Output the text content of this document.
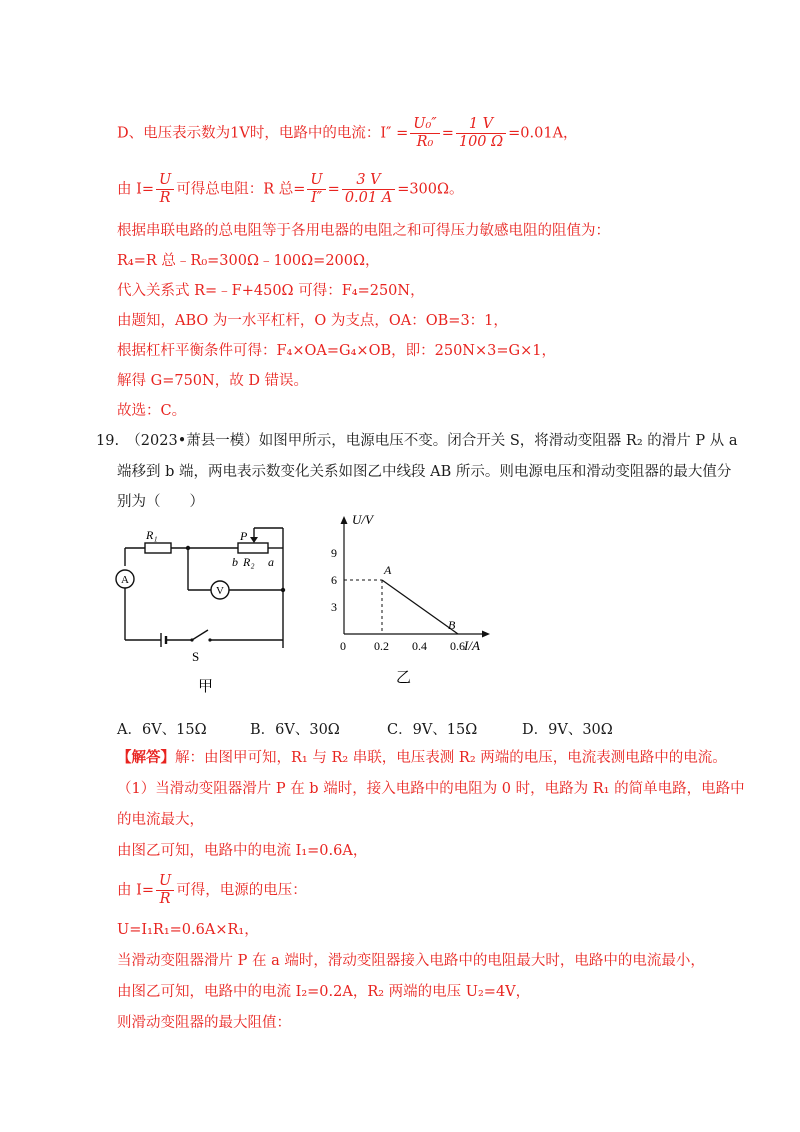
D、电压表示数为1V时，电路中的电流：$I'' = \frac{\text{U₀″}}{\text{R₀}} = \frac{1 V}{100 \Omega} =0.01A$，
由 $I= \frac{U}{R}$ 可得总电阻：R 总= $\frac{U}{I''} = \frac{3 V}{0.01 A} =300\Omega$。
根据串联电路的总电阻等于各用电器的电阻之和可得压力敏感电阻的阻值为：
R₄=R 总﹣R₀=300Ω﹣100Ω=200Ω，
代入关系式 R=﹣F+450Ω 可得：F₄=250N，
由题知，ABO 为一水平杠杆，O 为支点，OA：OB=3：1，
根据杠杆平衡条件可得：F₄×OA=G₄×OB，即：250N×3=G×1，
解得 G=750N，故 D 错误。
故选：C。
19.　（2023•萧县一模）如图甲所示，电源电压不变。闭合开关 S，将滑动变阻器 R₂ 的滑片 P 从 a
端移到 b 端，两电表示数变化关系如图乙中线段 AB 所示。则电源电压和滑动变阻器的最大值分
别为（　　）
R₁	P
b R₂ a
A
V
S
甲
U/V
I/A
0 0.2 0.4 0.6
3
6
9
A
B
乙
A．6V、15Ω	B．6V、30Ω	C．9V、15Ω	D．9V、30Ω
【解答】解：由图甲可知，R₁ 与 R₂ 串联，电压表测 R₂ 两端的电压，电流表测电路中的电流。
（1）当滑动变阻器滑片 P 在 b 端时，接入电路中的电阻为 0 时，电路为 R₁ 的简单电路，电路中
的电流最大，
由图乙可知，电路中的电流 I₁=0.6A，
由 $I= \frac{U}{R}$ 可得，电源的电压：
U=I₁R₁=0.6A×R₁，
当滑动变阻器滑片 P 在 a 端时，滑动变阻器接入电路中的电阻最大时，电路中的电流最小，
由图乙可知，电路中的电流 I₂=0.2A，R₂ 两端的电压 U₂=4V，
则滑动变阻器的最大阻值：
